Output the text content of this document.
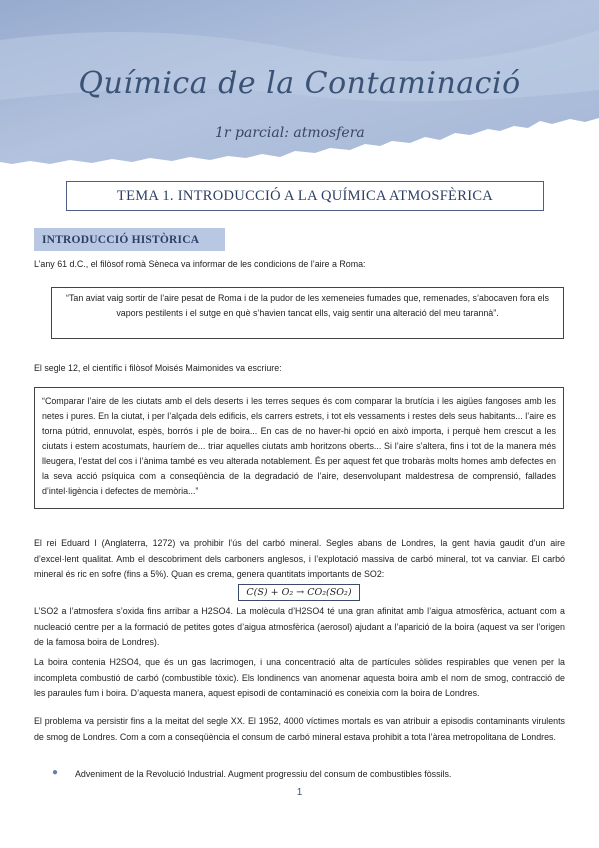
Química de la Contaminació
1r parcial: atmosfera
TEMA 1. INTRODUCCIÓ A LA QUÍMICA ATMOSFÈRICA
INTRODUCCIÓ HISTÒRICA

L’any 61 d.C., el filòsof romà Sèneca va informar de les condicions de l’aire a Roma:

“Tan aviat vaig sortir de l’aire pesat de Roma i de la pudor de les xemeneies fumades que, remenades, s’abocaven fora els vapors pestilents i el sutge en què s’havien tancat ells, vaig sentir una alteració del meu tarannà”.

El segle 12, el científic i filòsof Moisés Maimonides va escriure:

“Comparar l’aire de les ciutats amb el dels deserts i les terres seques és com comparar la brutícia i les aigües fangoses amb les netes i pures. En la ciutat, i per l’alçada dels edificis, els carrers estrets, i tot els vessaments i restes dels seus habitants... l’aire es torna pútrid, ennuvolat, espès, borrós i ple de boira... En cas de no haver-hi opció en això importa, i perquè hem crescut a les ciutats i estem acostumats, hauríem de... triar aquelles ciutats amb horitzons oberts... Si l’aire s’altera, fins i tot de la manera més lleugera, l’estat del cos i l’ànima també es veu alterada notablement. És per aquest fet que trobaràs molts homes amb defectes en la seva acció psíquica com a conseqüència de la degradació de l’aire, desenvolupant maldestresa de comprensió, fallades d’intel·ligència i defectes de memòria...”

El rei Eduard I (Anglaterra, 1272) va prohibir l’ús del carbó mineral. Segles abans de Londres, la gent havia gaudit d’un aire d’excel·lent qualitat. Amb el descobriment dels carboners anglesos, i l’explotació massiva de carbó mineral, tot va canviar. El carbó mineral és ric en sofre (fins a 5%). Quan es crema, genera quantitats importants de SO2:

C(S) + O₂ → CO₂(SO₂)

L’SO2 a l’atmosfera s’oxida fins arribar a H2SO4. La molècula d’H2SO4 té una gran afinitat amb l’aigua atmosfèrica, actuant com a nucleació centre per a la formació de petites gotes d’aigua atmosfèrica (aerosol) ajudant a l’aparició de la boira (aquest va ser l’origen de la famosa boira de Londres).

La boira contenia H2SO4, que és un gas lacrimogen, i una concentració alta de partícules sòlides respirables que venen per la incompleta combustió de carbó (combustible tòxic). Els londinencs van anomenar aquesta boira amb el nom de smog, contracció de les paraules fum i boira. D’aquesta manera, aquest episodi de contaminació es coneixia com la boira de Londres.

El problema va persistir fins a la meitat del segle XX. El 1952, 4000 víctimes mortals es van atribuir a episodis contaminants virulents de smog de Londres. Com a com a conseqüència el consum de carbó mineral estava prohibit a tota l’àrea metropolitana de Londres.

● Adveniment de la Revolució Industrial. Augment progressiu del consum de combustibles fòssils.
1
